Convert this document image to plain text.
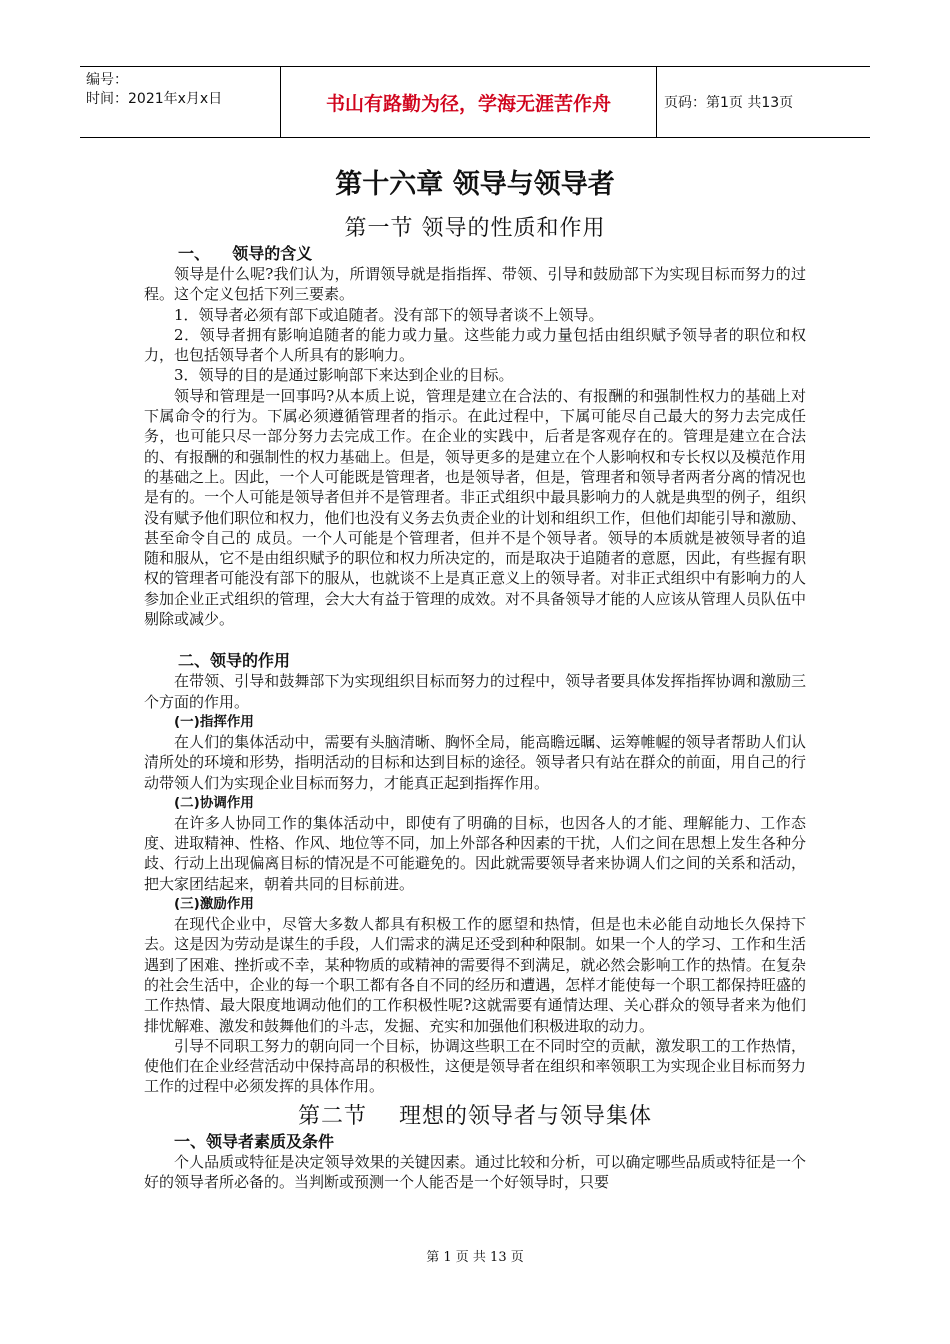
编号：
时间：2021年x月x日	书山有路勤为径，学海无涯苦作舟	页码：第1页 共13页
第十六章 领导与领导者
第一节 领导的性质和作用
一、    领导的含义

领导是什么呢?我们认为，所谓领导就是指指挥、带领、引导和鼓励部下为实现目标而努力的过程。这个定义包括下列三要素。

1．领导者必须有部下或追随者。没有部下的领导者谈不上领导。

2．领导者拥有影响追随者的能力或力量。这些能力或力量包括由组织赋予领导者的职位和权力，也包括领导者个人所具有的影响力。

3．领导的目的是通过影响部下来达到企业的目标。

领导和管理是一回事吗?从本质上说，管理是建立在合法的、有报酬的和强制性权力的基础上对下属命令的行为。下属必须遵循管理者的指示。在此过程中，下属可能尽自己最大的努力去完成任务，也可能只尽一部分努力去完成工作。在企业的实践中，后者是客观存在的。管理是建立在合法的、有报酬的和强制性的权力基础上。但是，领导更多的是建立在个人影响权和专长权以及模范作用的基础之上。因此，一个人可能既是管理者，也是领导者，但是，管理者和领导者两者分离的情况也是有的。一个人可能是领导者但并不是管理者。非正式组织中最具影响力的人就是典型的例子，组织没有赋予他们职位和权力，他们也没有义务去负责企业的计划和组织工作，但他们却能引导和激励、甚至命令自己的 成员。一个人可能是个管理者，但并不是个领导者。领导的本质就是被领导者的追随和服从，它不是由组织赋予的职位和权力所决定的，而是取决于追随者的意愿，因此，有些握有职权的管理者可能没有部下的服从，也就谈不上是真正意义上的领导者。对非正式组织中有影响力的人参加企业正式组织的管理，会大大有益于管理的成效。对不具备领导才能的人应该从管理人员队伍中剔除或减少。

二、领导的作用

在带领、引导和鼓舞部下为实现组织目标而努力的过程中，领导者要具体发挥指挥协调和激励三个方面的作用。

(一)指挥作用

在人们的集体活动中，需要有头脑清晰、胸怀全局，能高瞻远瞩、运筹帷幄的领导者帮助人们认清所处的环境和形势，指明活动的目标和达到目标的途径。领导者只有站在群众的前面，用自己的行动带领人们为实现企业目标而努力，才能真正起到指挥作用。

(二)协调作用

在许多人协同工作的集体活动中，即使有了明确的目标，也因各人的才能、理解能力、工作态度、进取精神、性格、作风、地位等不同，加上外部各种因素的干扰，人们之间在思想上发生各种分歧、行动上出现偏离目标的情况是不可能避免的。因此就需要领导者来协调人们之间的关系和活动，把大家团结起来，朝着共同的目标前进。

(三)激励作用

在现代企业中，尽管大多数人都具有积极工作的愿望和热情，但是也未必能自动地长久保持下去。这是因为劳动是谋生的手段，人们需求的满足还受到种种限制。如果一个人的学习、工作和生活遇到了困难、挫折或不幸，某种物质的或精神的需要得不到满足，就必然会影响工作的热情。在复杂的社会生活中，企业的每一个职工都有各自不同的经历和遭遇，怎样才能使每一个职工都保持旺盛的工作热情、最大限度地调动他们的工作积极性呢?这就需要有通情达理、关心群众的领导者来为他们排忧解难、激发和鼓舞他们的斗志，发掘、充实和加强他们积极进取的动力。

引导不同职工努力的朝向同一个目标，协调这些职工在不同时空的贡献，激发职工的工作热情，使他们在企业经营活动中保持高昂的积极性，这便是领导者在组织和率领职工为实现企业目标而努力工作的过程中必须发挥的具体作用。

第二节    理想的领导者与领导集体
一、领导者素质及条件

个人品质或特征是决定领导效果的关键因素。通过比较和分析，可以确定哪些品质或特征是一个好的领导者所必备的。当判断或预测一个人能否是一个好领导时，只要

第 1 页 共 13 页
